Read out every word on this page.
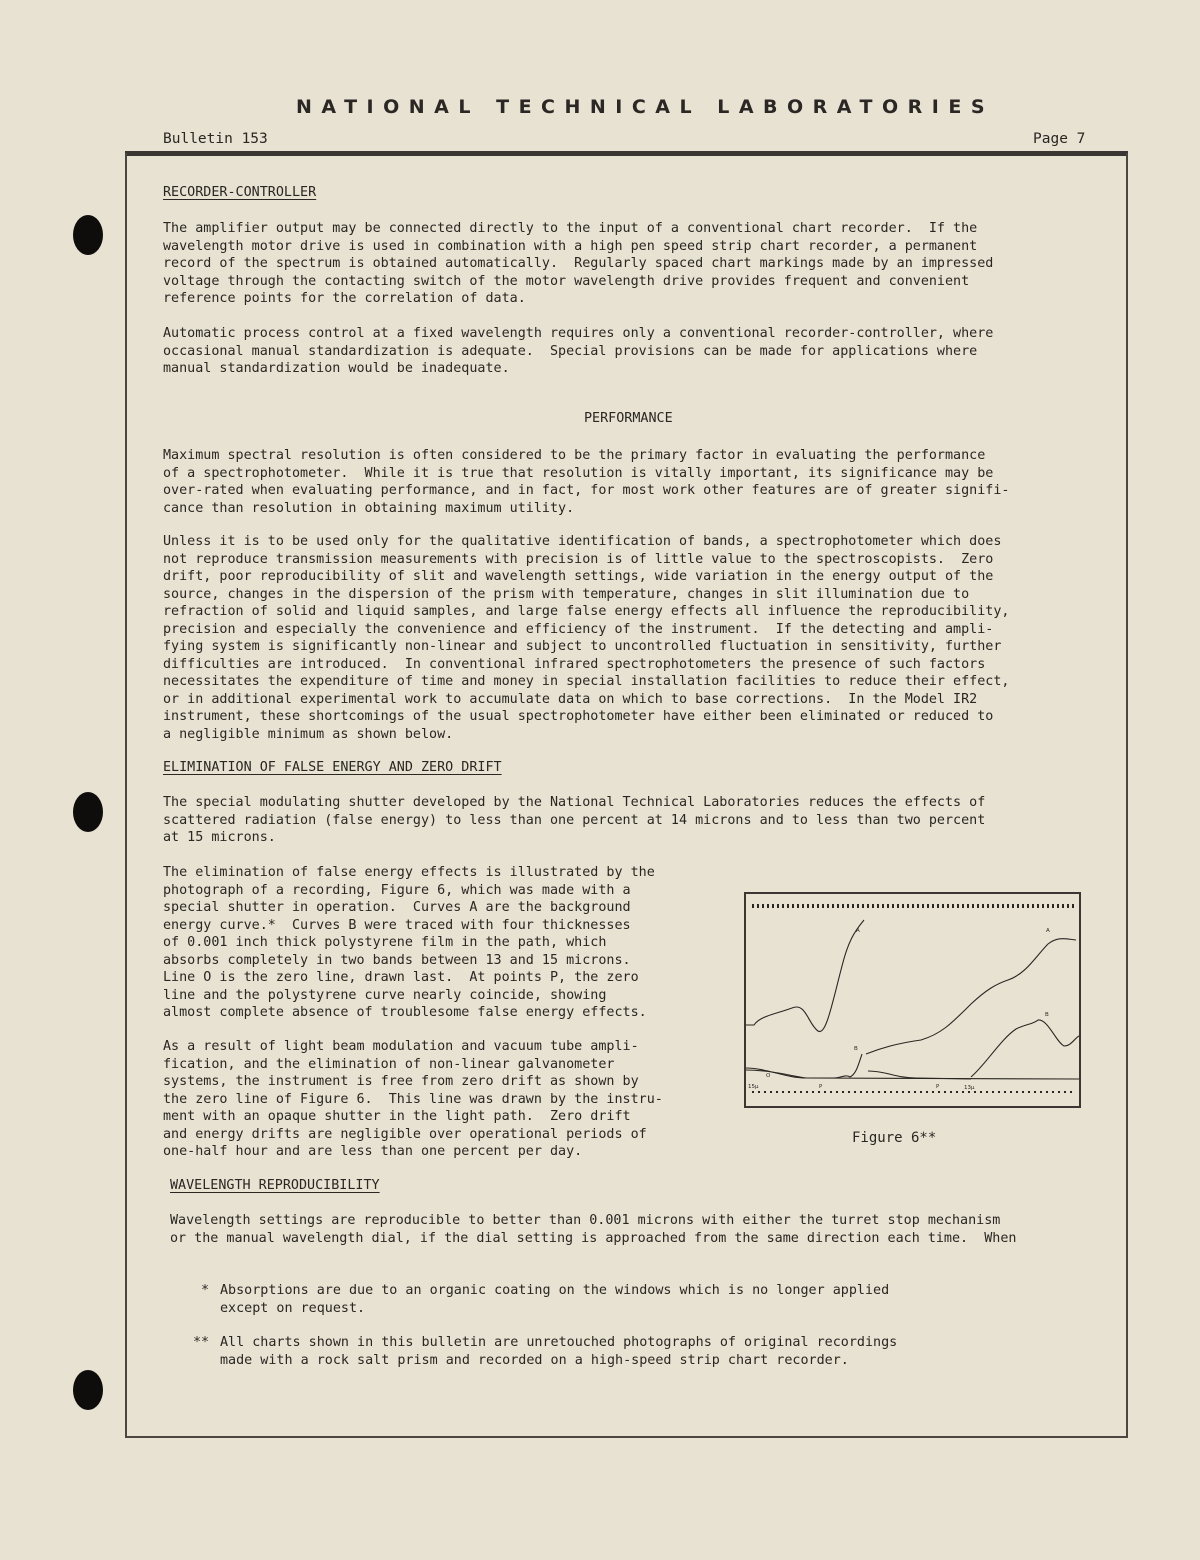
NATIONAL TECHNICAL LABORATORIES
Bulletin 153	Page 7
RECORDER-CONTROLLER
The amplifier output may be connected directly to the input of a conventional chart recorder.  If the
wavelength motor drive is used in combination with a high pen speed strip chart recorder, a permanent
record of the spectrum is obtained automatically.  Regularly spaced chart markings made by an impressed
voltage through the contacting switch of the motor wavelength drive provides frequent and convenient
reference points for the correlation of data.
Automatic process control at a fixed wavelength requires only a conventional recorder-controller, where
occasional manual standardization is adequate.  Special provisions can be made for applications where
manual standardization would be inadequate.
PERFORMANCE
Maximum spectral resolution is often considered to be the primary factor in evaluating the performance
of a spectrophotometer.  While it is true that resolution is vitally important, its significance may be
over-rated when evaluating performance, and in fact, for most work other features are of greater signifi-
cance than resolution in obtaining maximum utility.
Unless it is to be used only for the qualitative identification of bands, a spectrophotometer which does
not reproduce transmission measurements with precision is of little value to the spectroscopists.  Zero
drift, poor reproducibility of slit and wavelength settings, wide variation in the energy output of the
source, changes in the dispersion of the prism with temperature, changes in slit illumination due to
refraction of solid and liquid samples, and large false energy effects all influence the reproducibility,
precision and especially the convenience and efficiency of the instrument.  If the detecting and ampli-
fying system is significantly non-linear and subject to uncontrolled fluctuation in sensitivity, further
difficulties are introduced.  In conventional infrared spectrophotometers the presence of such factors
necessitates the expenditure of time and money in special installation facilities to reduce their effect,
or in additional experimental work to accumulate data on which to base corrections.  In the Model IR2
instrument, these shortcomings of the usual spectrophotometer have either been eliminated or reduced to
a negligible minimum as shown below.
ELIMINATION OF FALSE ENERGY AND ZERO DRIFT
The special modulating shutter developed by the National Technical Laboratories reduces the effects of
scattered radiation (false energy) to less than one percent at 14 microns and to less than two percent
at 15 microns.
The elimination of false energy effects is illustrated by the
photograph of a recording, Figure 6, which was made with a
special shutter in operation.  Curves A are the background
energy curve.*  Curves B were traced with four thicknesses
of 0.001 inch thick polystyrene film in the path, which
absorbs completely in two bands between 13 and 15 microns.
Line O is the zero line, drawn last.  At points P, the zero
line and the polystyrene curve nearly coincide, showing
almost complete absence of troublesome false energy effects.
As a result of light beam modulation and vacuum tube ampli-
fication, and the elimination of non-linear galvanometer
systems, the instrument is free from zero drift as shown by
the zero line of Figure 6.  This line was drawn by the instru-
ment with an opaque shutter in the light path.  Zero drift
and energy drifts are negligible over operational periods of
one-half hour and are less than one percent per day.
A	A
B
B
O
P	P
15μ	13μ
Figure 6**
WAVELENGTH REPRODUCIBILITY
Wavelength settings are reproducible to better than 0.001 microns with either the turret stop mechanism
or the manual wavelength dial, if the dial setting is approached from the same direction each time.  When
* Absorptions are due to an organic coating on the windows which is no longer applied
except on request.
** All charts shown in this bulletin are unretouched photographs of original recordings
made with a rock salt prism and recorded on a high-speed strip chart recorder.
